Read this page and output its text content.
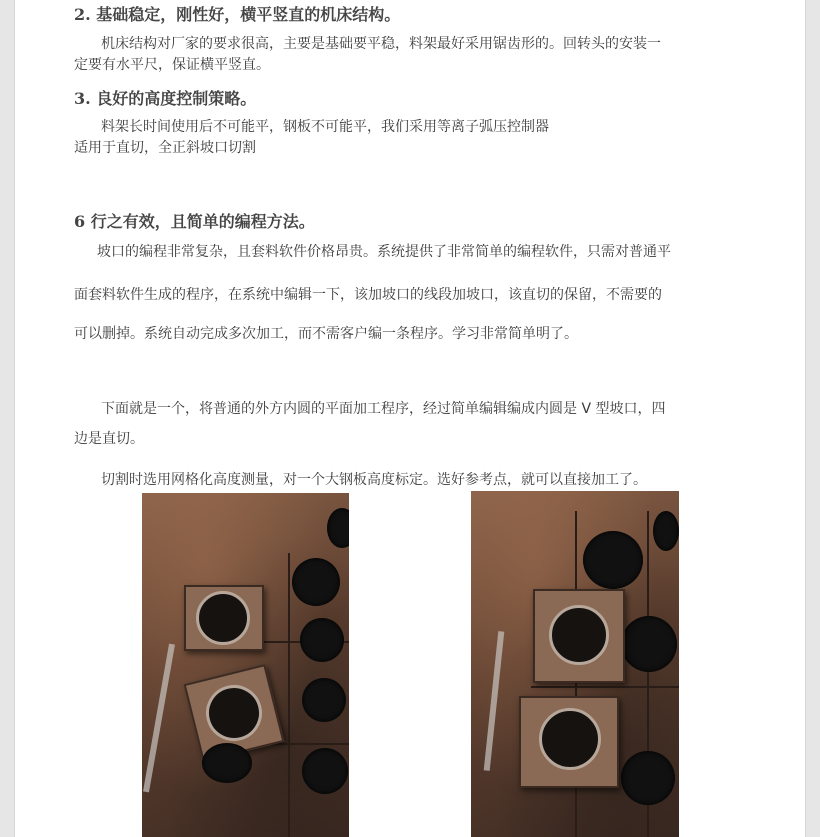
2. 基础稳定，刚性好，横平竖直的机床结构。
机床结构对厂家的要求很高，主要是基础要平稳，料架最好采用锯齿形的。回转头的安装一
定要有水平尺，保证横平竖直。
3. 良好的高度控制策略。
料架长时间使用后不可能平，钢板不可能平，我们采用等离子弧压控制器
适用于直切，全正斜坡口切割
6 行之有效，且简单的编程方法。
坡口的编程非常复杂，且套料软件价格昂贵。系统提供了非常简单的编程软件，只需对普通平
面套料软件生成的程序，在系统中编辑一下，该加坡口的线段加坡口，该直切的保留，不需要的
可以删掉。系统自动完成多次加工，而不需客户编一条程序。学习非常简单明了。
下面就是一个，将普通的外方内圆的平面加工程序，经过简单编辑编成内圆是 V 型坡口，四
边是直切。
切割时选用网格化高度测量，对一个大钢板高度标定。选好参考点，就可以直接加工了。
